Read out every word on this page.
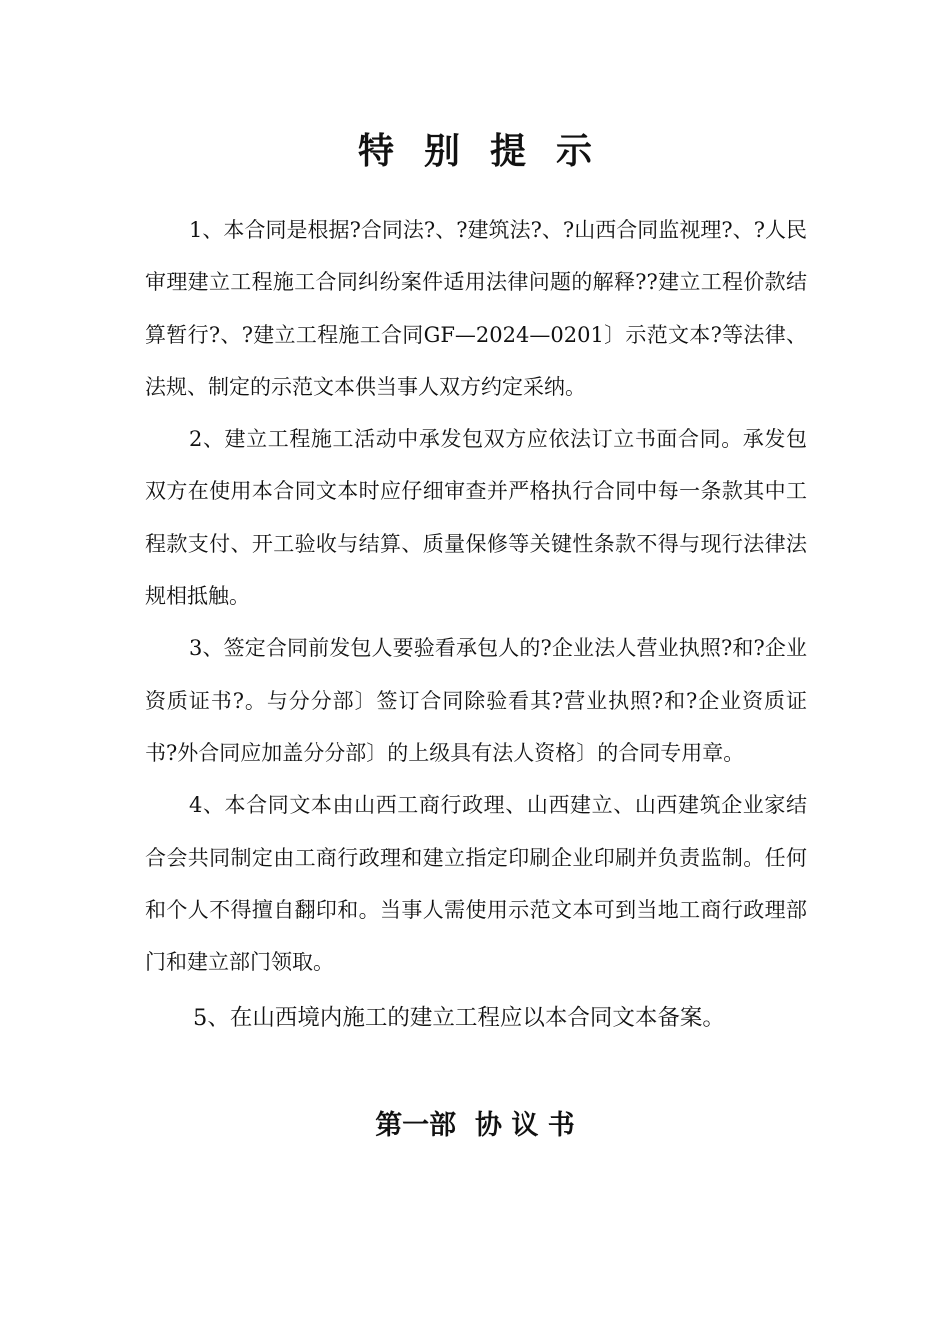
特别提示

1、本合同是根据?合同法?、?建筑法?、?山西合同监视理?、?人民审理建立工程施工合同纠纷案件适用法律问题的解释??建立工程价款结算暂行?、?建立工程施工合同GF—2024—0201〕示范文本?等法律、法规、制定的示范文本供当事人双方约定采纳。

2、建立工程施工活动中承发包双方应依法订立书面合同。承发包双方在使用本合同文本时应仔细审查并严格执行合同中每一条款其中工程款支付、开工验收与结算、质量保修等关键性条款不得与现行法律法规相抵触。

3、签定合同前发包人要验看承包人的?企业法人营业执照?和?企业资质证书?。与分分部〕签订合同除验看其?营业执照?和?企业资质证书?外合同应加盖分分部〕的上级具有法人资格〕的合同专用章。

4、本合同文本由山西工商行政理、山西建立、山西建筑企业家结合会共同制定由工商行政理和建立指定印刷企业印刷并负责监制。任何和个人不得擅自翻印和。当事人需使用示范文本可到当地工商行政理部门和建立部门领取。

5、在山西境内施工的建立工程应以本合同文本备案。

第一部  协 议 书
